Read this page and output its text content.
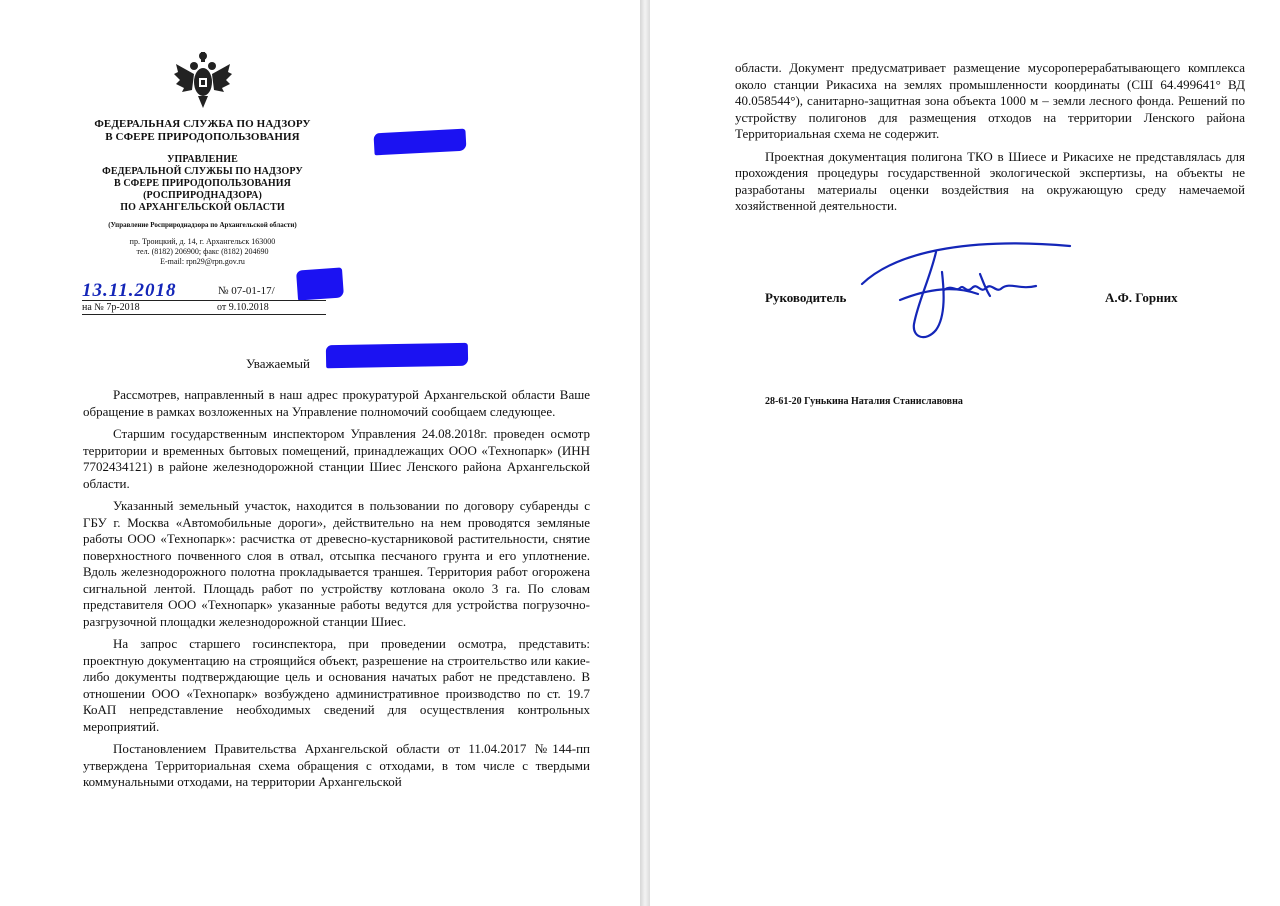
ФЕДЕРАЛЬНАЯ СЛУЖБА ПО НАДЗОРУ
В СФЕРЕ ПРИРОДОПОЛЬЗОВАНИЯ
УПРАВЛЕНИЕ
ФЕДЕРАЛЬНОЙ СЛУЖБЫ ПО НАДЗОРУ
В СФЕРЕ ПРИРОДОПОЛЬЗОВАНИЯ
(РОСПРИРОДНАДЗОРА)
ПО АРХАНГЕЛЬСКОЙ ОБЛАСТИ
(Управление Росприроднадзора по Архангельской области)
пр. Троицкий, д. 14, г. Архангельск 163000
тел. (8182) 206900; факс (8182) 204690
E-mail: rpn29@rpn.gov.ru
13.11.2018	№ 07-01-17/
на № 7р-2018	от 9.10.2018
Уважаемый

Рассмотрев, направленный в наш адрес прокуратурой Архангельской области Ваше обращение в рамках возложенных на Управление полномочий сообщаем следующее.

Старшим государственным инспектором Управления 24.08.2018г. проведен осмотр территории и временных бытовых помещений, принадлежащих ООО «Технопарк» (ИНН 7702434121) в районе железнодорожной станции Шиес Ленского района Архангельской области.

Указанный земельный участок, находится в пользовании по договору субаренды с ГБУ г. Москва «Автомобильные дороги», действительно на нем проводятся земляные работы ООО «Технопарк»: расчистка от древесно-кустарниковой растительности, снятие поверхностного почвенного слоя в отвал, отсыпка песчаного грунта и его уплотнение. Вдоль железнодорожного полотна прокладывается траншея. Территория работ огорожена сигнальной лентой. Площадь работ по устройству котлована около 3 га. По словам представителя ООО «Технопарк» указанные работы ведутся для устройства погрузочно-разгрузочной площадки железнодорожной станции Шиес.

На запрос старшего госинспектора, при проведении осмотра, представить: проектную документацию на строящийся объект, разрешение на строительство или какие-либо документы подтверждающие цель и основания начатых работ не представлено. В отношении ООО «Технопарк» возбуждено административное производство по ст. 19.7 КоАП непредставление необходимых сведений для осуществления контрольных мероприятий.

Постановлением Правительства Архангельской области от 11.04.2017 №144-пп утверждена Территориальная схема обращения с отходами, в том числе с твердыми коммунальными отходами, на территории Архангельской

области. Документ предусматривает размещение мусороперерабатывающего комплекса около станции Рикасиха на землях промышленности координаты (СШ 64.499641° ВД 40.058544°), санитарно-защитная зона объекта 1000 м – земли лесного фонда. Решений по устройству полигонов для размещения отходов на территории Ленского района Территориальная схема не содержит.

Проектная документация полигона ТКО в Шиесе и Рикасихе не представлялась для прохождения процедуры государственной экологической экспертизы, на объекты не разработаны материалы оценки воздействия на окружающую среду намечаемой хозяйственной деятельности.

Руководитель	А.Ф. Горних
28-61-20 Гунькина Наталия Станиславовна
